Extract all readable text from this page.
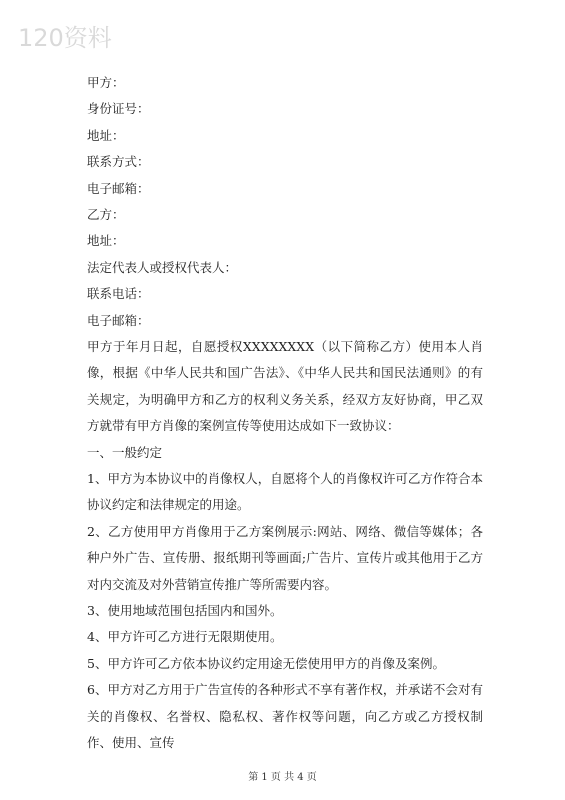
120资料
甲方：
身份证号：
地址：
联系方式：
电子邮箱：
乙方：
地址：
法定代表人或授权代表人：
联系电话：
电子邮箱：
甲方于年月日起，自愿授权XXXXXXXX（以下简称乙方）使用本人肖像，根据《中华人民共和国广告法》、《中华人民共和国民法通则》的有关规定，为明确甲方和乙方的权利义务关系，经双方友好协商，甲乙双方就带有甲方肖像的案例宣传等使用达成如下一致协议：
一、一般约定
1、甲方为本协议中的肖像权人，自愿将个人的肖像权许可乙方作符合本协议约定和法律规定的用途。
2、乙方使用甲方肖像用于乙方案例展示:网站、网络、微信等媒体；各种户外广告、宣传册、报纸期刊等画面;广告片、宣传片或其他用于乙方对内交流及对外营销宣传推广等所需要内容。
3、使用地域范围包括国内和国外。
4、甲方许可乙方进行无限期使用。
5、甲方许可乙方依本协议约定用途无偿使用甲方的肖像及案例。
6、甲方对乙方用于广告宣传的各种形式不享有著作权，并承诺不会对有关的肖像权、名誉权、隐私权、著作权等问题，向乙方或乙方授权制作、使用、宣传
第 1 页 共 4 页
